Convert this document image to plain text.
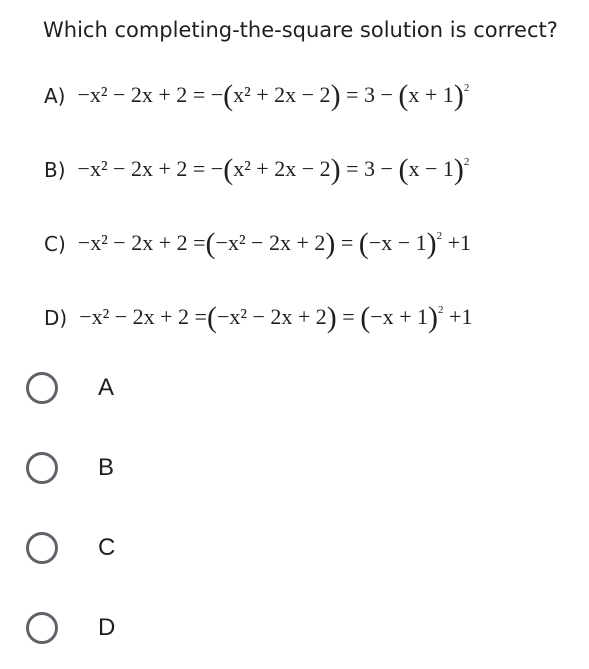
Which completing-the-square solution is correct?
$A) -x^2 - 2x + 2 = -(x^2 + 2x - 2) = 3 - (x + 1)^2$
$B) -x^2 - 2x + 2 = -(x^2 + 2x - 2) = 3 - (x - 1)^2$
$C) -x^2 - 2x + 2 =(-x^2 - 2x + 2) = (-x - 1)^2 +1$
$D) -x^2 - 2x + 2 =(-x^2 - 2x + 2) = (-x + 1)^2 +1$
A
B
C
D
